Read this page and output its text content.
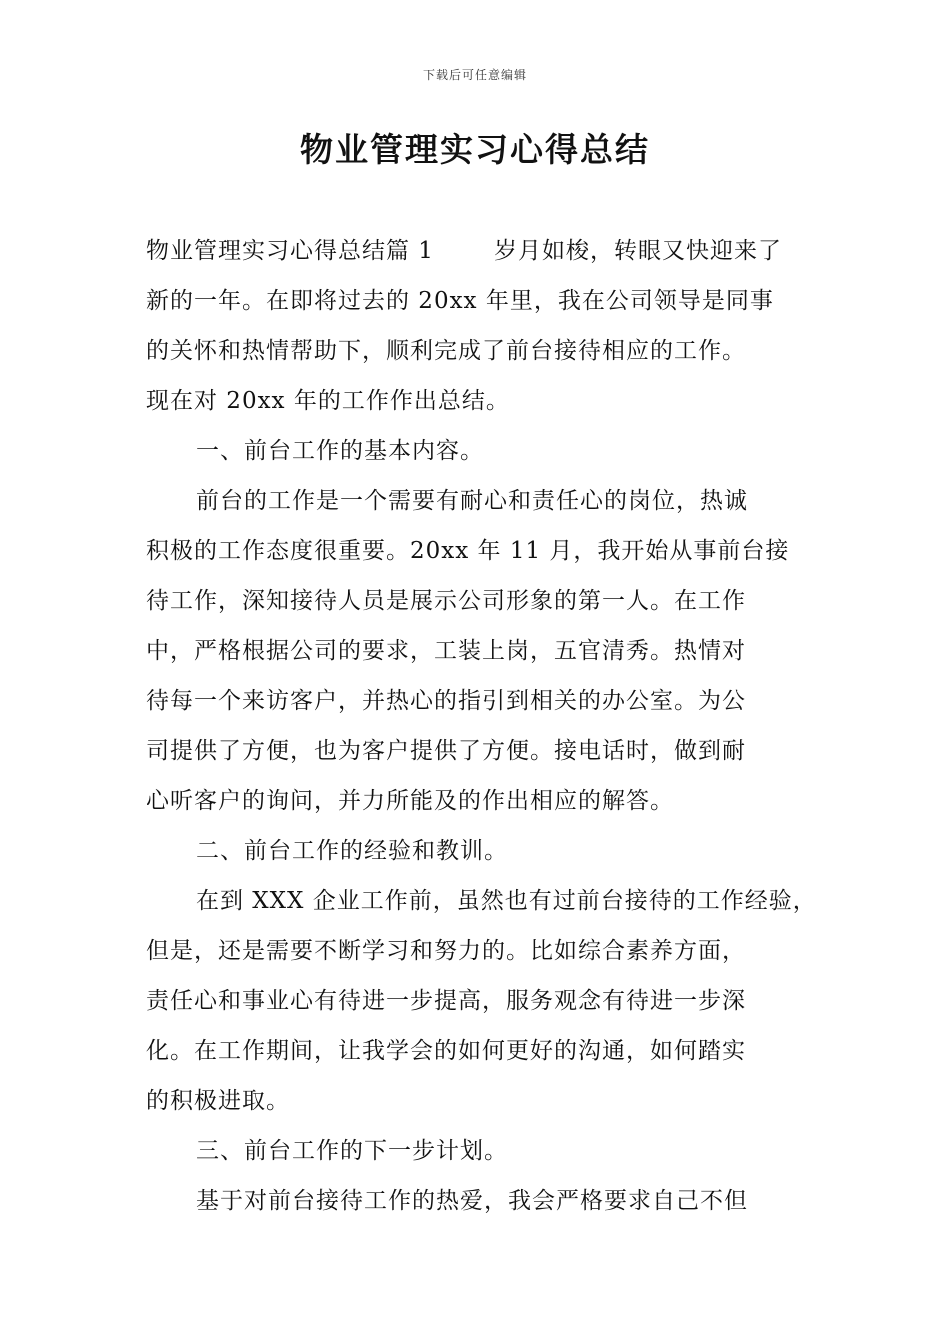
下载后可任意编辑
物业管理实习心得总结
物业管理实习心得总结篇 1	岁月如梭，转眼又快迎来了
新的一年。在即将过去的 20xx 年里，我在公司领导是同事
的关怀和热情帮助下，顺利完成了前台接待相应的工作。
现在对 20xx 年的工作作出总结。
一、前台工作的基本内容。
前台的工作是一个需要有耐心和责任心的岗位，热诚
积极的工作态度很重要。20xx 年 11 月，我开始从事前台接
待工作，深知接待人员是展示公司形象的第一人。在工作
中，严格根据公司的要求，工装上岗，五官清秀。热情对
待每一个来访客户，并热心的指引到相关的办公室。为公
司提供了方便，也为客户提供了方便。接电话时，做到耐
心听客户的询问，并力所能及的作出相应的解答。
二、前台工作的经验和教训。
在到 XXX 企业工作前，虽然也有过前台接待的工作经验，
但是，还是需要不断学习和努力的。比如综合素养方面，
责任心和事业心有待进一步提高，服务观念有待进一步深
化。在工作期间，让我学会的如何更好的沟通，如何踏实
的积极进取。
三、前台工作的下一步计划。
基于对前台接待工作的热爱，我会严格要求自己不但
